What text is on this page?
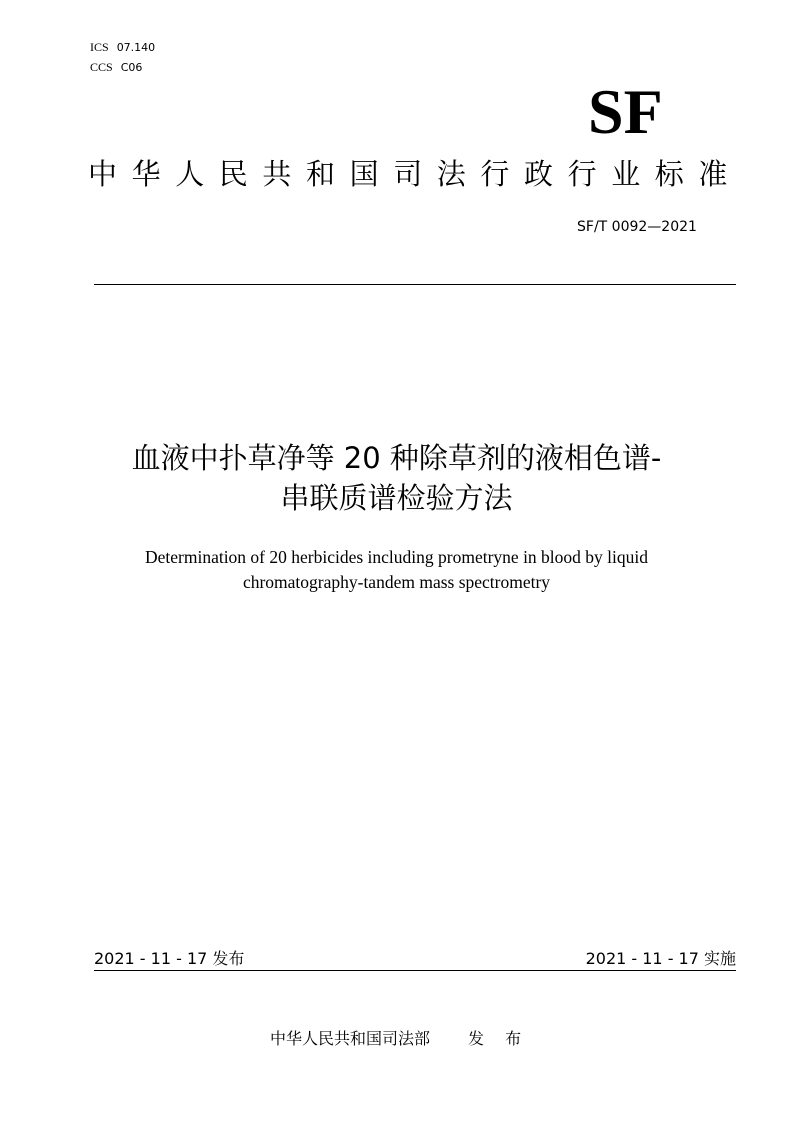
ICS 07.140
CCS C06
SF
中华人民共和国司法行政行业标准
SF/T 0092—2021
血液中扑草净等 20 种除草剂的液相色谱-
串联质谱检验方法
Determination of 20 herbicides including prometryne in blood by liquid
chromatography-tandem mass spectrometry
2021 - 11 - 17 发布	2021 - 11 - 17 实施
中华人民共和国司法部 发 布
